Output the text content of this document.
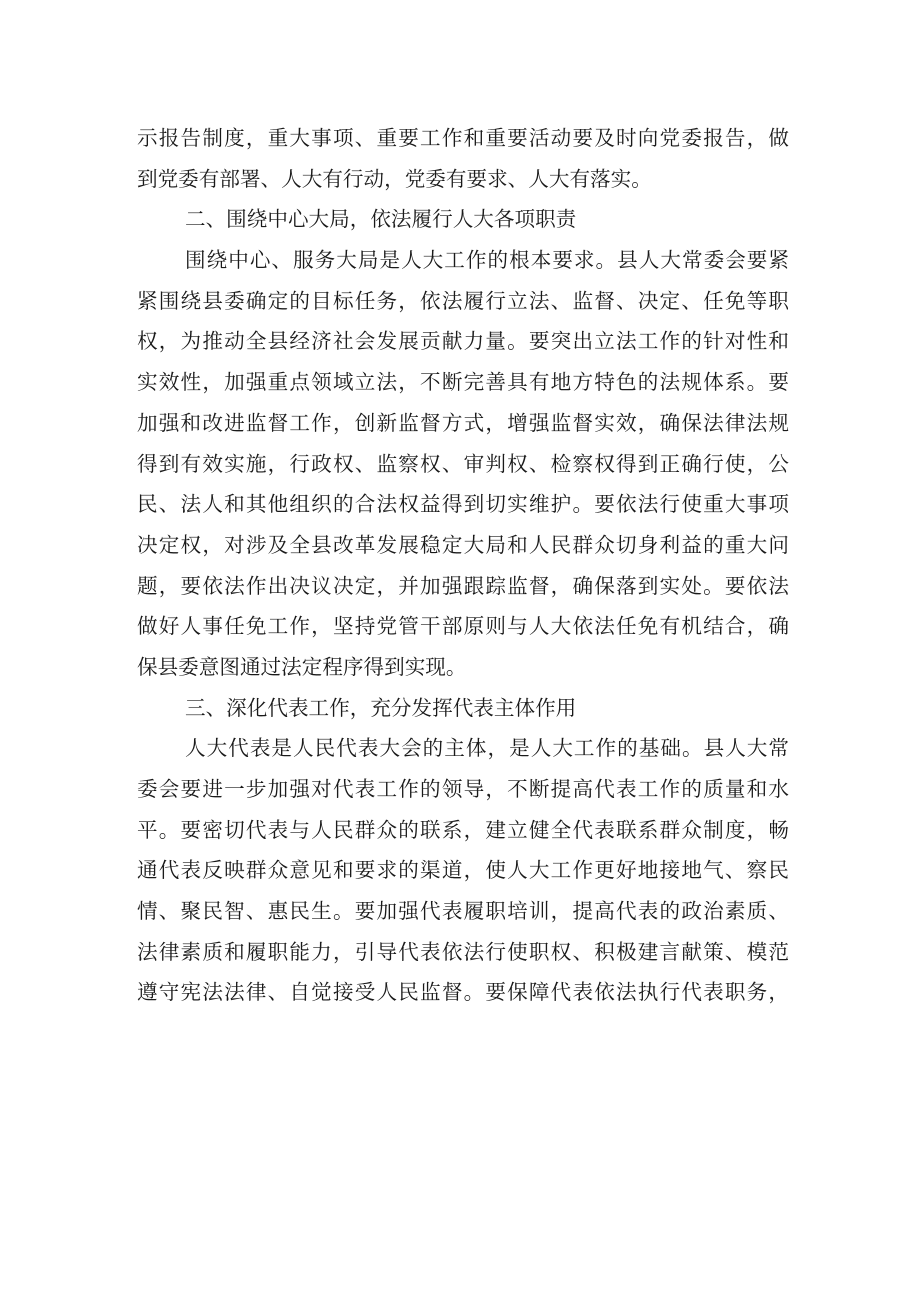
示报告制度，重大事项、重要工作和重要活动要及时向党委报告，做
到党委有部署、人大有行动，党委有要求、人大有落实。
二、围绕中心大局，依法履行人大各项职责
围绕中心、服务大局是人大工作的根本要求。县人大常委会要紧
紧围绕县委确定的目标任务，依法履行立法、监督、决定、任免等职
权，为推动全县经济社会发展贡献力量。要突出立法工作的针对性和
实效性，加强重点领域立法，不断完善具有地方特色的法规体系。要
加强和改进监督工作，创新监督方式，增强监督实效，确保法律法规
得到有效实施，行政权、监察权、审判权、检察权得到正确行使，公
民、法人和其他组织的合法权益得到切实维护。要依法行使重大事项
决定权，对涉及全县改革发展稳定大局和人民群众切身利益的重大问
题，要依法作出决议决定，并加强跟踪监督，确保落到实处。要依法
做好人事任免工作，坚持党管干部原则与人大依法任免有机结合，确
保县委意图通过法定程序得到实现。
三、深化代表工作，充分发挥代表主体作用
人大代表是人民代表大会的主体，是人大工作的基础。县人大常
委会要进一步加强对代表工作的领导，不断提高代表工作的质量和水
平。要密切代表与人民群众的联系，建立健全代表联系群众制度，畅
通代表反映群众意见和要求的渠道，使人大工作更好地接地气、察民
情、聚民智、惠民生。要加强代表履职培训，提高代表的政治素质、
法律素质和履职能力，引导代表依法行使职权、积极建言献策、模范
遵守宪法法律、自觉接受人民监督。要保障代表依法执行代表职务，
